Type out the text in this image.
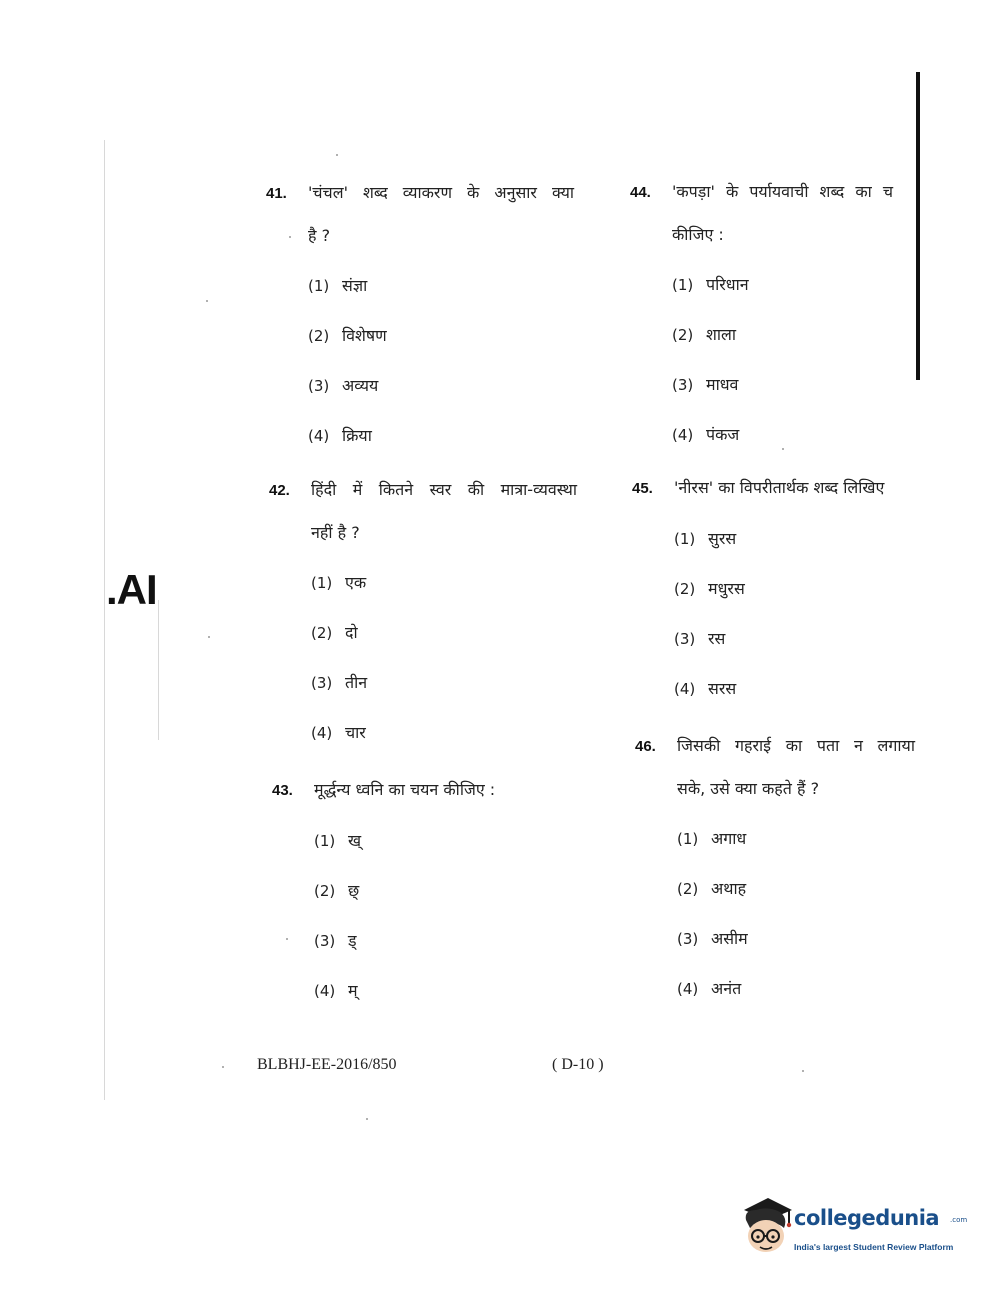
.AI
41.	'चंचल' शब्द व्याकरण के अनुसार क्या
है ?
(1) संज्ञा
(2) विशेषण
(3) अव्यय
(4) क्रिया
42.	हिंदी में कितने स्वर की मात्रा-व्यवस्था
नहीं है ?
(1) एक
(2) दो
(3) तीन
(4) चार
43.	मूर्द्धन्य ध्वनि का चयन कीजिए :
(1) ख्
(2) छ्
(3) ड्
(4) म्
44.	'कपड़ा' के पर्यायवाची शब्द का च
कीजिए :
(1) परिधान
(2) शाला
(3) माधव
(4) पंकज
45.	'नीरस' का विपरीतार्थक शब्द लिखिए
(1) सुरस
(2) मधुरस
(3) रस
(4) सरस
46.	जिसकी गहराई का पता न लगाया
सके, उसे क्या कहते हैं ?
(1) अगाध
(2) अथाह
(3) असीम
(4) अनंत
BLBHJ-EE-2016/850	( D-10 )
collegedunia .com
India's largest Student Review Platform
